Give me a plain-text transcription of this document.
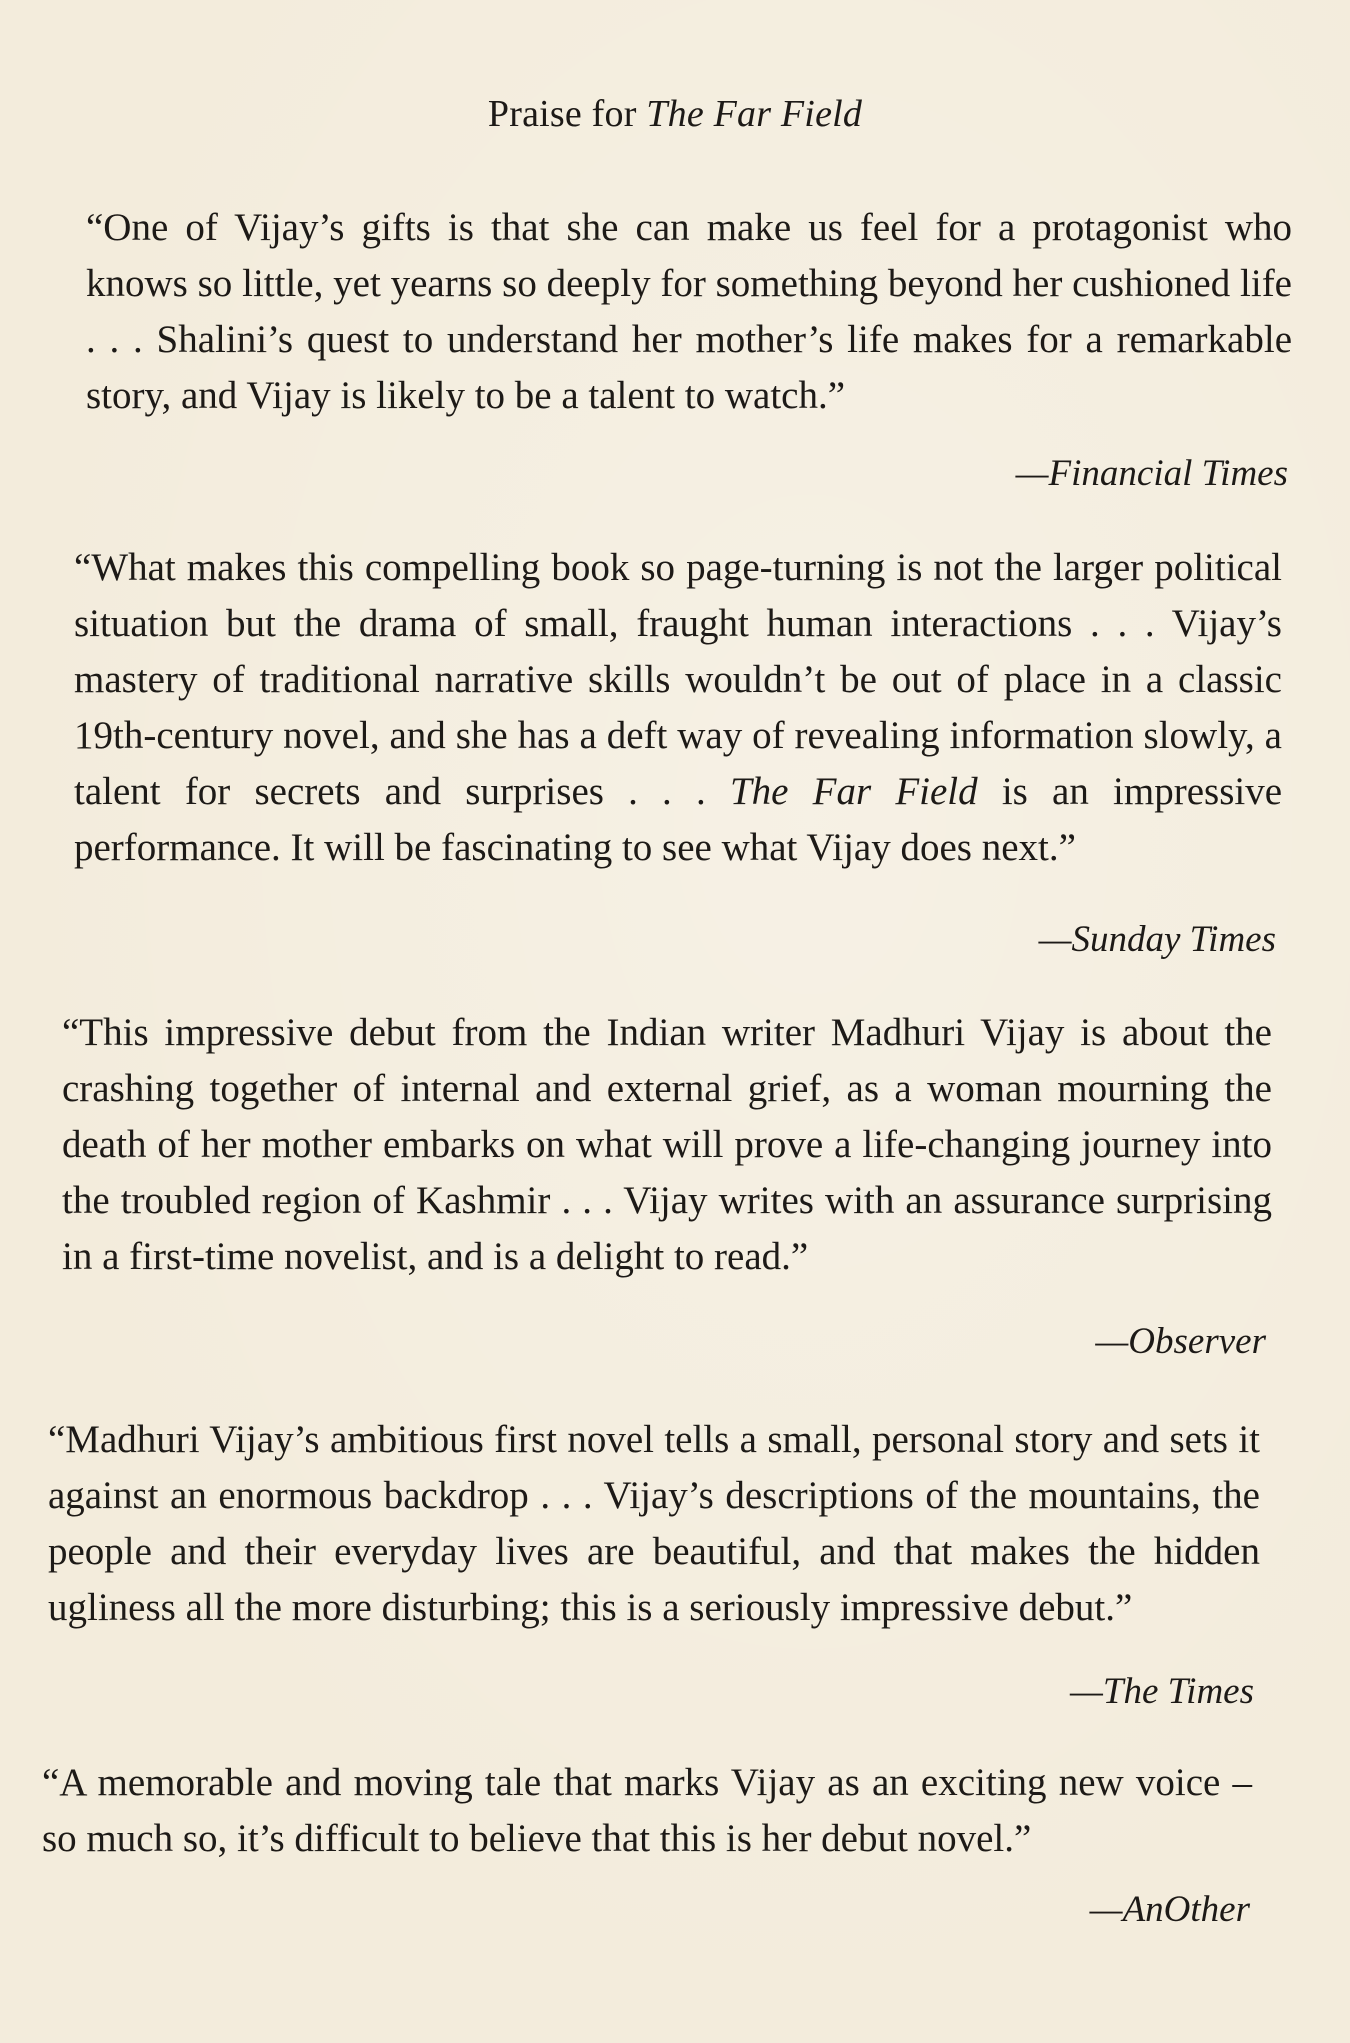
Praise for The Far Field

“One of Vijay’s gifts is that she can make us feel for a protagonist who knows so little, yet yearns so deeply for something beyond her cushioned life . . . Shalini’s quest to understand her mother’s life makes for a remarkable story, and Vijay is likely to be a talent to watch.”

—Financial Times

“What makes this compelling book so page-turning is not the larger political situation but the drama of small, fraught human interactions . . . Vijay’s mastery of traditional narrative skills wouldn’t be out of place in a classic 19th-century novel, and she has a deft way of revealing information slowly, a talent for secrets and surprises . . . The Far Field is an impressive performance. It will be fascinating to see what Vijay does next.”

—Sunday Times

“This impressive debut from the Indian writer Madhuri Vijay is about the crashing together of internal and external grief, as a woman mourning the death of her mother embarks on what will prove a life-changing journey into the troubled region of Kashmir . . . Vijay writes with an assurance surprising in a first-time novelist, and is a delight to read.”

—Observer

“Madhuri Vijay’s ambitious first novel tells a small, personal story and sets it against an enormous backdrop . . . Vijay’s descriptions of the mountains, the people and their everyday lives are beautiful, and that makes the hidden ugliness all the more disturbing; this is a seriously impressive debut.”

—The Times

“A memorable and moving tale that marks Vijay as an exciting new voice – so much so, it’s difficult to believe that this is her debut novel.”

—AnOther
